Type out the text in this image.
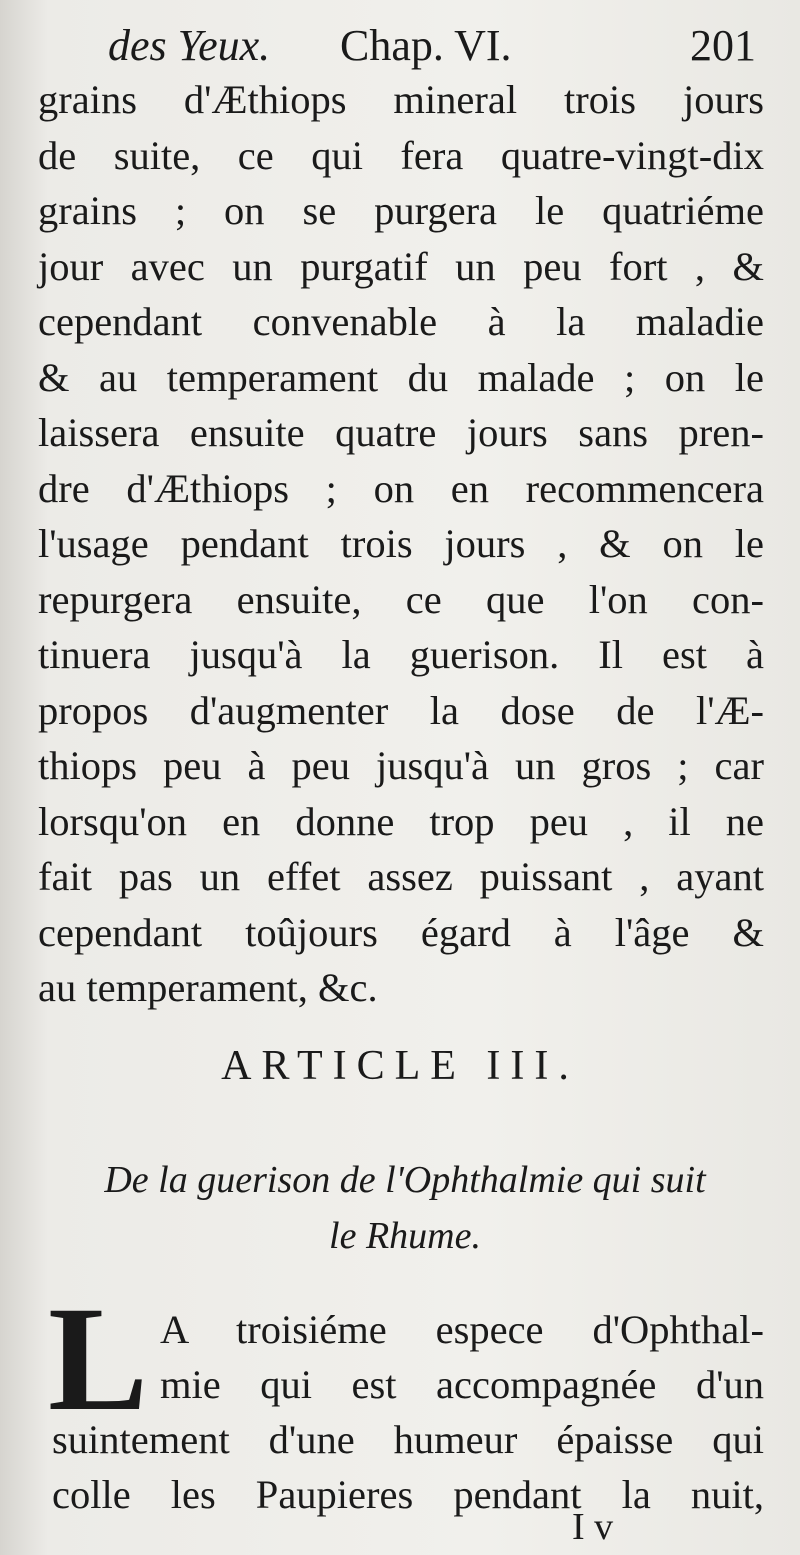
des Yeux. Chap. VI.	201
grains d'Æthiops mineral trois jours
de suite, ce qui fera quatre-vingt-dix
grains ; on se purgera le quatriéme
jour avec un purgatif un peu fort , &
cependant convenable à la maladie
& au temperament du malade ; on le
laissera ensuite quatre jours sans pren-
dre d'Æthiops ; on en recommencera
l'usage pendant trois jours , & on le
repurgera ensuite, ce que l'on con-
tinuera jusqu'à la guerison. Il est à
propos d'augmenter la dose de l'Æ-
thiops peu à peu jusqu'à un gros ; car
lorsqu'on en donne trop peu , il ne
fait pas un effet assez puissant , ayant
cependant toûjours égard à l'âge &
au temperament, &c.
ARTICLE III.
De la guerison de l'Ophthalmie qui suit
le Rhume.
L A troisiéme espece d'Ophthal-
mie qui est accompagnée d'un
suintement d'une humeur épaisse qui
colle les Paupieres pendant la nuit,
I v
